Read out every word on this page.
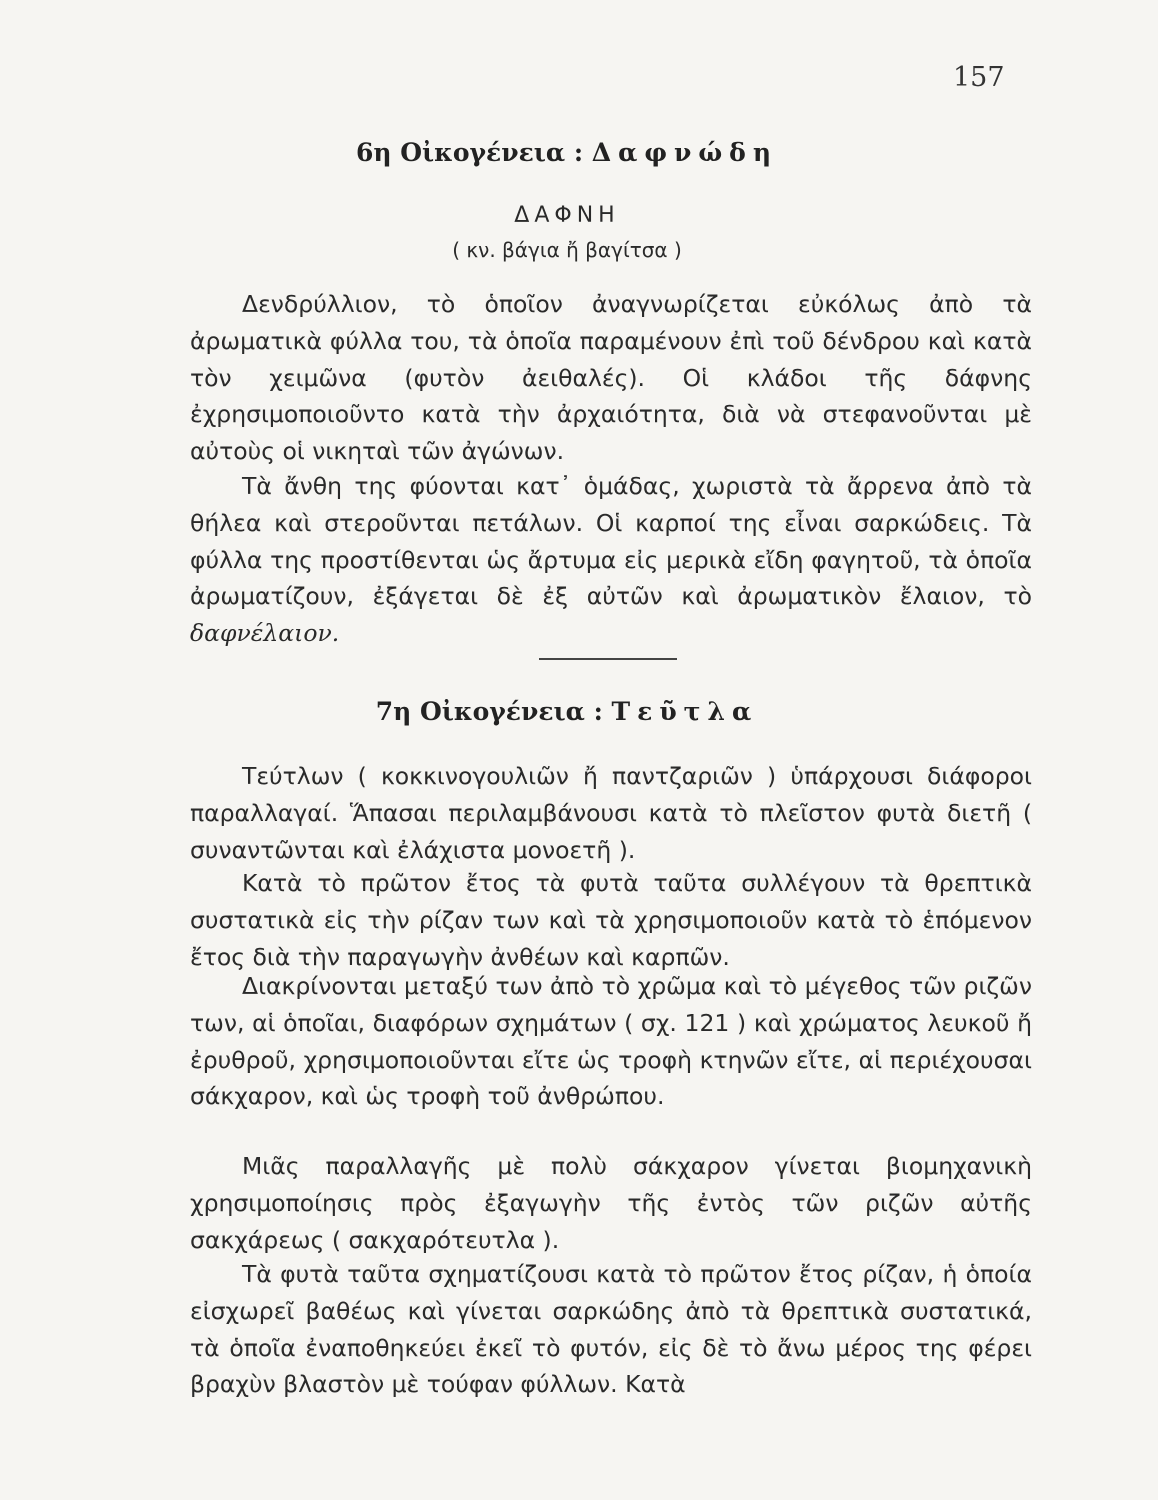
157
6η Οἰκογένεια : Δαφνώδη
ΔΑΦΝΗ
( κν. βάγια ἤ βαγίτσα )

Δενδρύλλιον, τὸ ὁποῖον ἀναγνωρίζεται εὐκόλως ἀπὸ τὰ ἀρωματικὰ φύλλα του, τὰ ὁποῖα παραμένουν ἐπὶ τοῦ δένδρου καὶ κατὰ τὸν χειμῶνα (φυτὸν ἀειθαλές). Οἱ κλάδοι τῆς δάφνης ἐχρησιμοποιοῦντο κατὰ τὴν ἀρχαιότητα, διὰ νὰ στεφανοῦνται μὲ αὐτοὺς οἱ νικηταὶ τῶν ἀγώνων.

Τὰ ἄνθη της φύονται κατ᾽ ὁμάδας, χωριστὰ τὰ ἄρρενα ἀπὸ τὰ θήλεα καὶ στεροῦνται πετάλων. Οἱ καρποί της εἶναι σαρκώδεις. Τὰ φύλλα της προστίθενται ὡς ἄρτυμα εἰς μερικὰ εἴδη φαγητοῦ, τὰ ὁποῖα ἀρωματίζουν, ἐξάγεται δὲ ἐξ αὐτῶν καὶ ἀρωματικὸν ἔλαιον, τὸ δαφνέλαιον.

7η Οἰκογένεια : Τεῦτλα

Τεύτλων ( κοκκινογουλιῶν ἤ παντζαριῶν ) ὑπάρχουσι διάφοροι παραλλαγαί. Ἅπασαι περιλαμβάνουσι κατὰ τὸ πλεῖστον φυτὰ διετῆ ( συναντῶνται καὶ ἐλάχιστα μονοετῆ ).

Κατὰ τὸ πρῶτον ἔτος τὰ φυτὰ ταῦτα συλλέγουν τὰ θρεπτικὰ συστατικὰ εἰς τὴν ρίζαν των καὶ τὰ χρησιμοποιοῦν κατὰ τὸ ἑπόμενον ἔτος διὰ τὴν παραγωγὴν ἀνθέων καὶ καρπῶν.

Διακρίνονται μεταξύ των ἀπὸ τὸ χρῶμα καὶ τὸ μέγεθος τῶν ριζῶν των, αἱ ὁποῖαι, διαφόρων σχημάτων ( σχ. 121 ) καὶ χρώματος λευκοῦ ἤ ἐρυθροῦ, χρησιμοποιοῦνται εἴτε ὡς τροφὴ κτηνῶν εἴτε, αἱ περιέχουσαι σάκχαρον, καὶ ὡς τροφὴ τοῦ ἀνθρώπου.

Μιᾶς παραλλαγῆς μὲ πολὺ σάκχαρον γίνεται βιομηχανικὴ χρησιμοποίησις πρὸς ἐξαγωγὴν τῆς ἐντὸς τῶν ριζῶν αὐτῆς σακχάρεως ( σακχαρότευτλα ).

Τὰ φυτὰ ταῦτα σχηματίζουσι κατὰ τὸ πρῶτον ἔτος ρίζαν, ἡ ὁποία εἰσχωρεῖ βαθέως καὶ γίνεται σαρκώδης ἀπὸ τὰ θρεπτικὰ συστατικά, τὰ ὁποῖα ἐναποθηκεύει ἐκεῖ τὸ φυτόν, εἰς δὲ τὸ ἄνω μέρος της φέρει βραχὺν βλαστὸν μὲ τούφαν φύλλων. Κατὰ
